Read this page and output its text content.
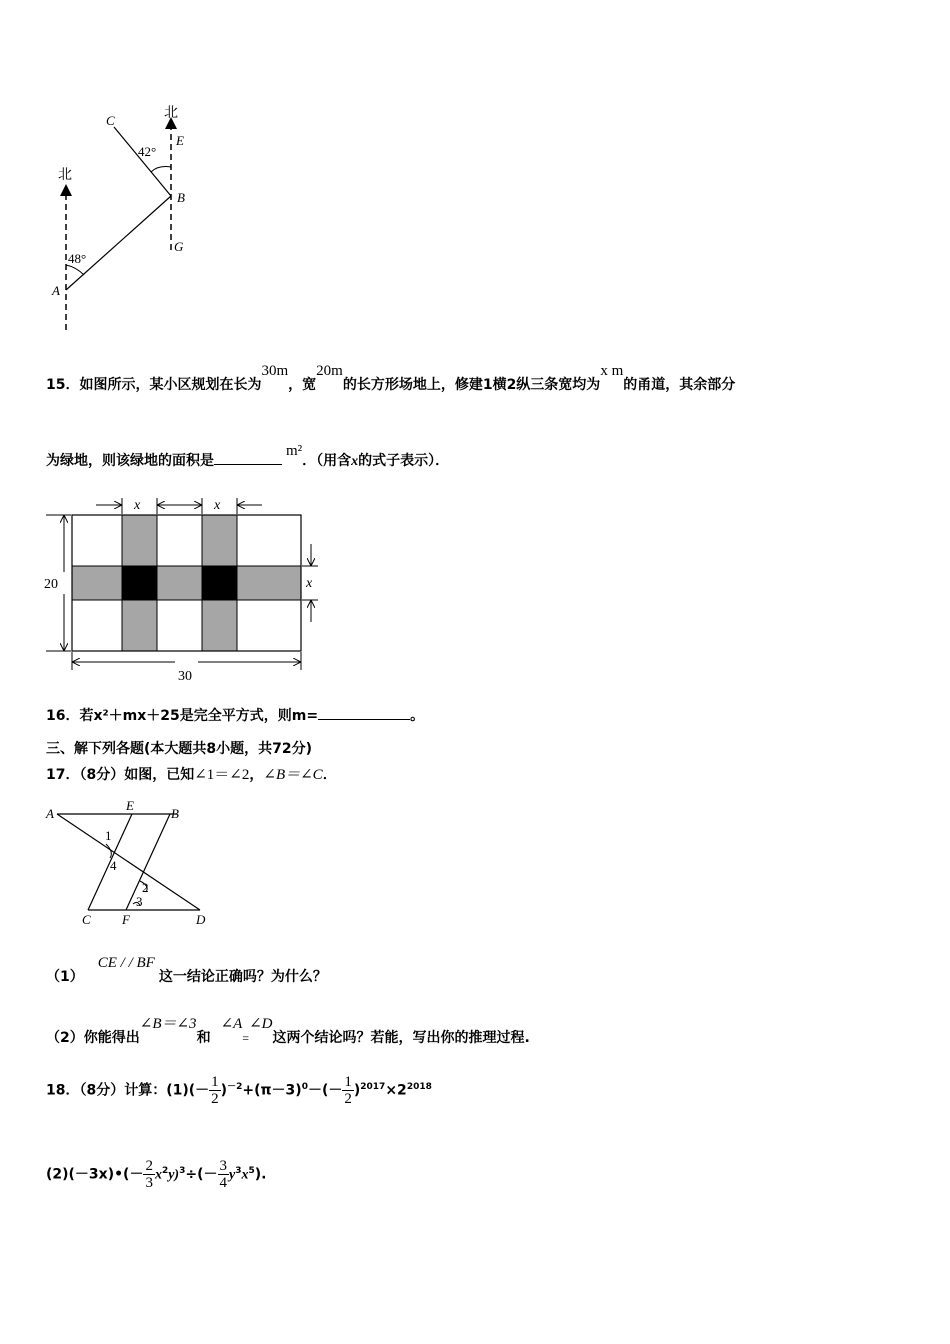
北
北
C
E
B
G
A
42°
48°
15．如图所示，某小区规划在长为30m，宽20m的长方形场地上，修建1横2纵三条宽均为x m的甬道，其余部分
为绿地，则该绿地的面积是m²．（用含x的式子表示）．
x	x
x
20
30
16．若x²＋mx＋25是完全平方式，则m=	。
三、解下列各题(本大题共8小题，共72分)
17．（8分）如图，已知∠1＝∠2，∠B＝∠C．
A
E
B
C F	D
1
4
2
3
（1）CE / / BF这一结论正确吗？为什么？
（2）你能得出∠B＝∠3和∠A=∠D这两个结论吗？若能，写出你的推理过程.
18．（8分）计算：$(1)(- \frac{1}{2} )^{-2}+(\pi-3)^0-(- \frac{1}{2} )^{2017}\times 2^{2018}$
(2)(－3x)•(－ $\frac{2}{3} x^2y)^3\div(- \frac{3}{4} y^3x^5)$.
